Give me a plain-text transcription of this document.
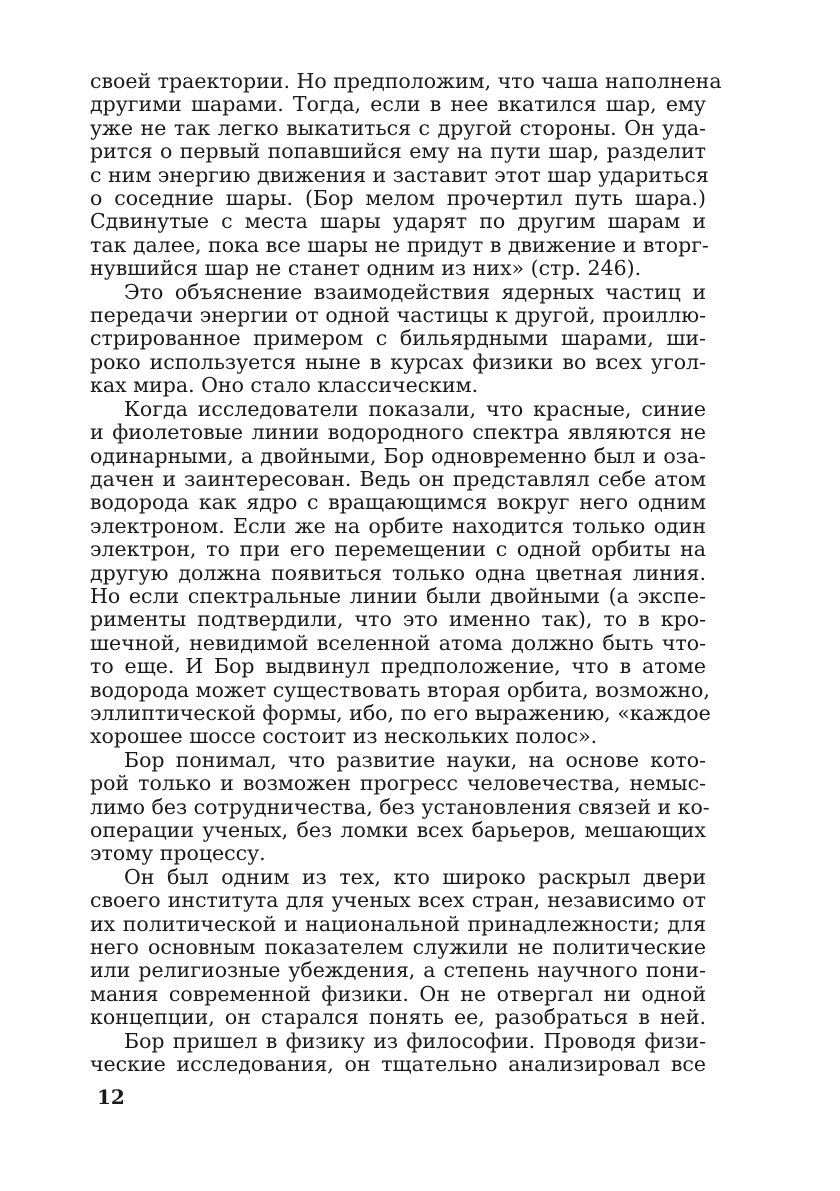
своей траектории. Но предположим, что чаша наполнена
другими шарами. Тогда, если в нее вкатился шар, ему
уже не так легко выкатиться с другой стороны. Он уда-
рится о первый попавшийся ему на пути шар, разделит
с ним энергию движения и заставит этот шар удариться
о соседние шары. (Бор мелом прочертил путь шара.)
Сдвинутые с места шары ударят по другим шарам и
так далее, пока все шары не придут в движение и вторг-
нувшийся шар не станет одним из них» (стр. 246).

Это объяснение взаимодействия ядерных частиц и
передачи энергии от одной частицы к другой, проиллю-
стрированное примером с бильярдными шарами, ши-
роко используется ныне в курсах физики во всех угол-
ках мира. Оно стало классическим.

Когда исследователи показали, что красные, синие
и фиолетовые линии водородного спектра являются не
одинарными, а двойными, Бор одновременно был и оза-
дачен и заинтересован. Ведь он представлял себе атом
водорода как ядро с вращающимся вокруг него одним
электроном. Если же на орбите находится только один
электрон, то при его перемещении с одной орбиты на
другую должна появиться только одна цветная линия.
Но если спектральные линии были двойными (а экспе-
рименты подтвердили, что это именно так), то в кро-
шечной, невидимой вселенной атома должно быть что-
то еще. И Бор выдвинул предположение, что в атоме
водорода может существовать вторая орбита, возможно,
эллиптической формы, ибо, по его выражению, «каждое
хорошее шоссе состоит из нескольких полос».

Бор понимал, что развитие науки, на основе кото-
рой только и возможен прогресс человечества, немыс-
лимо без сотрудничества, без установления связей и ко-
операции ученых, без ломки всех барьеров, мешающих
этому процессу.

Он был одним из тех, кто широко раскрыл двери
своего института для ученых всех стран, независимо от
их политической и национальной принадлежности; для
него основным показателем служили не политические
или религиозные убеждения, а степень научного пони-
мания современной физики. Он не отвергал ни одной
концепции, он старался понять ее, разобраться в ней.

Бор пришел в физику из философии. Проводя физи-
ческие исследования, он тщательно анализировал все

12
